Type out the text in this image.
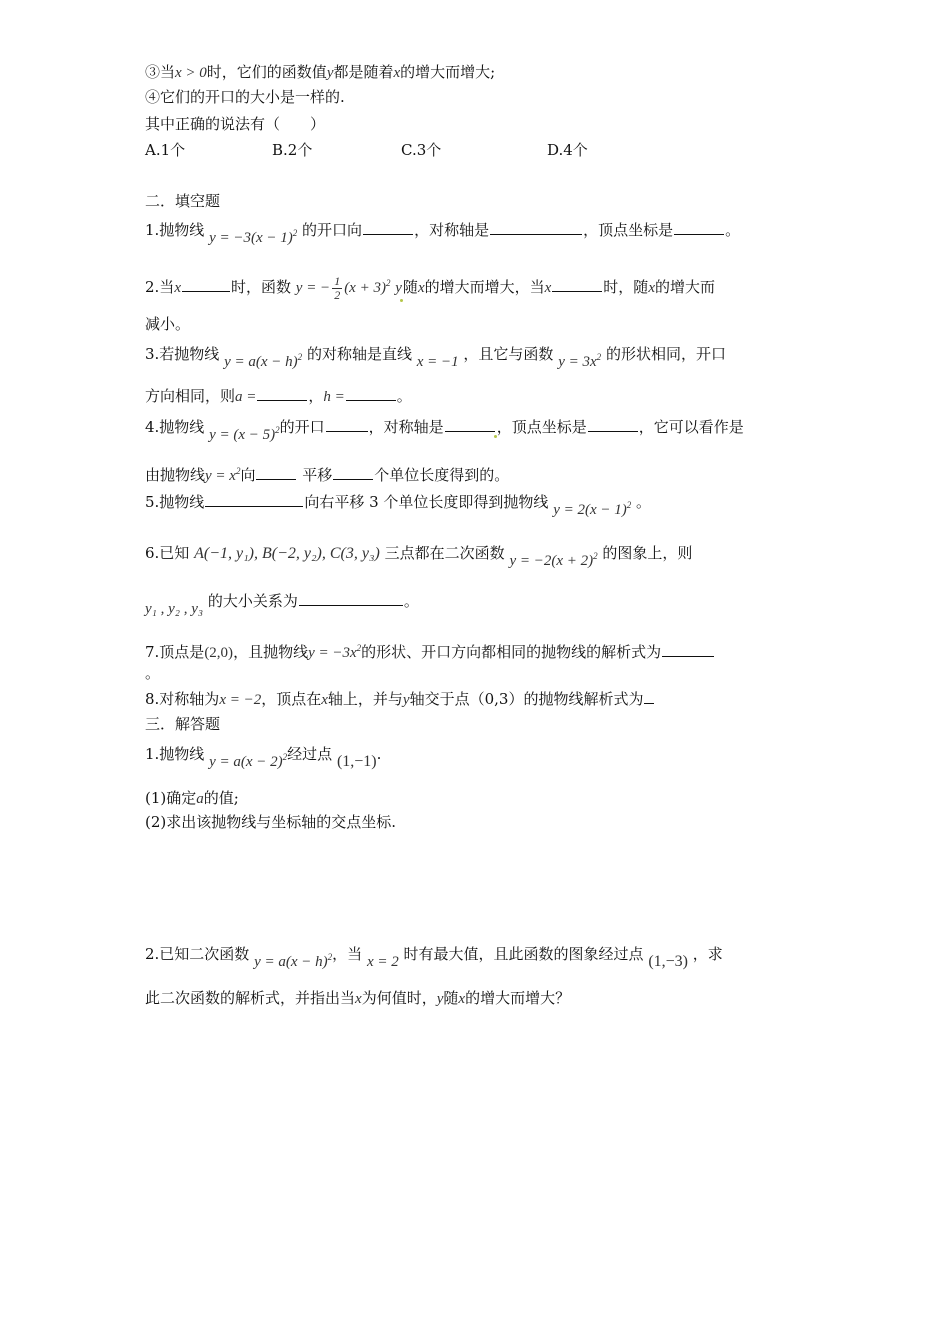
③当x > 0时，它们的函数值y都是随着x的增大而增大;
④它们的开口的大小是一样的.
其中正确的说法有（　　）
A.1个	B.2个	C.3个	D.4个
二．填空题
1.抛物线 $y = -3(x - 1)^2$ 的开口向	，对称轴是	，顶点坐标是	。
2.当x	时，函数 y = − $\frac{1}{2} (x + 3)^2$ y随x的增大而增大，当x	时，随x的增大而
减小。
3.若抛物线 $y = a(x - h)^2$ 的对称轴是直线 x = −1 ，且它与函数 $y = 3x^2$ 的形状相同，开口
方向相同，则a =	，h =	。
4.抛物线 $y = (x - 5)^2$的开口	，对称轴是	，顶点坐标是	，它可以看作是
由抛物线$y = x^2$向	平移	个单位长度得到的。
5.抛物线	向右平移 3 个单位长度即得到抛物线 $y = 2(x - 1)^2$ 。
6.已知 A(−1, y₁), B(−2, y₂), C(3, y₃) 三点都在二次函数 $y = -2(x + 2)^2$ 的图象上，则
y₁ , y₂ , y₃ 的大小关系为	。
7.顶点是(2,0)，且抛物线$y = -3x^2$的形状、开口方向都相同的抛物线的解析式为
。
8.对称轴为x = −2，顶点在x轴上，并与y轴交于点（0,3）的抛物线解析式为
三．解答题
1.抛物线 $y = a(x - 2)^2$经过点 (1,−1).
(1)确定a的值;
(2)求出该抛物线与坐标轴的交点坐标.
2.已知二次函数 $y = a(x - h)^2$，当 x = 2 时有最大值，且此函数的图象经过点 (1,−3) ，求
此二次函数的解析式，并指出当x为何值时，y随x的增大而增大？
